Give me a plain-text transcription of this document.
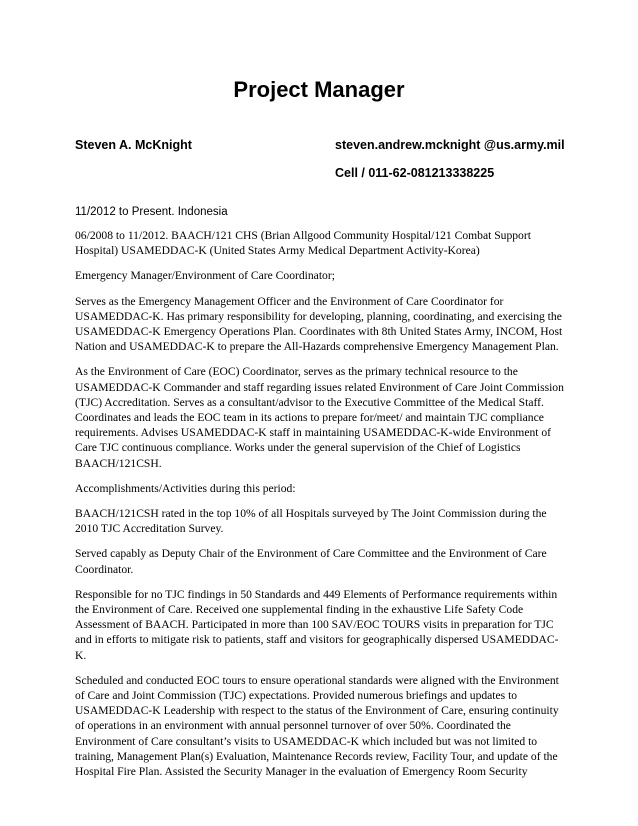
Project Manager
Steven A. McKnight	steven.andrew.mcknight @us.army.mil
Cell / 011-62-081213338225
11/2012 to Present. Indonesia

06/2008 to 11/2012. BAACH/121 CHS (Brian Allgood Community Hospital/121 Combat Support Hospital) USAMEDDAC-K (United States Army Medical Department Activity-Korea)

Emergency Manager/Environment of Care Coordinator;

Serves as the Emergency Management Officer and the Environment of Care Coordinator for USAMEDDAC-K. Has primary responsibility for developing, planning, coordinating, and exercising the USAMEDDAC-K Emergency Operations Plan. Coordinates with 8th United States Army, INCOM, Host Nation and USAMEDDAC-K to prepare the All-Hazards comprehensive Emergency Management Plan.

As the Environment of Care (EOC) Coordinator, serves as the primary technical resource to the USAMEDDAC-K Commander and staff regarding issues related Environment of Care Joint Commission (TJC) Accreditation. Serves as a consultant/advisor to the Executive Committee of the Medical Staff. Coordinates and leads the EOC team in its actions to prepare for/meet/ and maintain TJC compliance requirements. Advises USAMEDDAC-K staff in maintaining USAMEDDAC-K-wide Environment of Care TJC continuous compliance. Works under the general supervision of the Chief of Logistics BAACH/121CSH.

Accomplishments/Activities during this period:

BAACH/121CSH rated in the top 10% of all Hospitals surveyed by The Joint Commission during the 2010 TJC Accreditation Survey.

Served capably as Deputy Chair of the Environment of Care Committee and the Environment of Care Coordinator.

Responsible for no TJC findings in 50 Standards and 449 Elements of Performance requirements within the Environment of Care. Received one supplemental finding in the exhaustive Life Safety Code Assessment of BAACH. Participated in more than 100 SAV/EOC TOURS visits in preparation for TJC and in efforts to mitigate risk to patients, staff and visitors for geographically dispersed USAMEDDAC-K.

Scheduled and conducted EOC tours to ensure operational standards were aligned with the Environment of Care and Joint Commission (TJC) expectations. Provided numerous briefings and updates to USAMEDDAC-K Leadership with respect to the status of the Environment of Care, ensuring continuity of operations in an environment with annual personnel turnover of over 50%. Coordinated the Environment of Care consultant’s visits to USAMEDDAC-K which included but was not limited to training, Management Plan(s) Evaluation, Maintenance Records review, Facility Tour, and update of the Hospital Fire Plan. Assisted the Security Manager in the evaluation of Emergency Room Security
